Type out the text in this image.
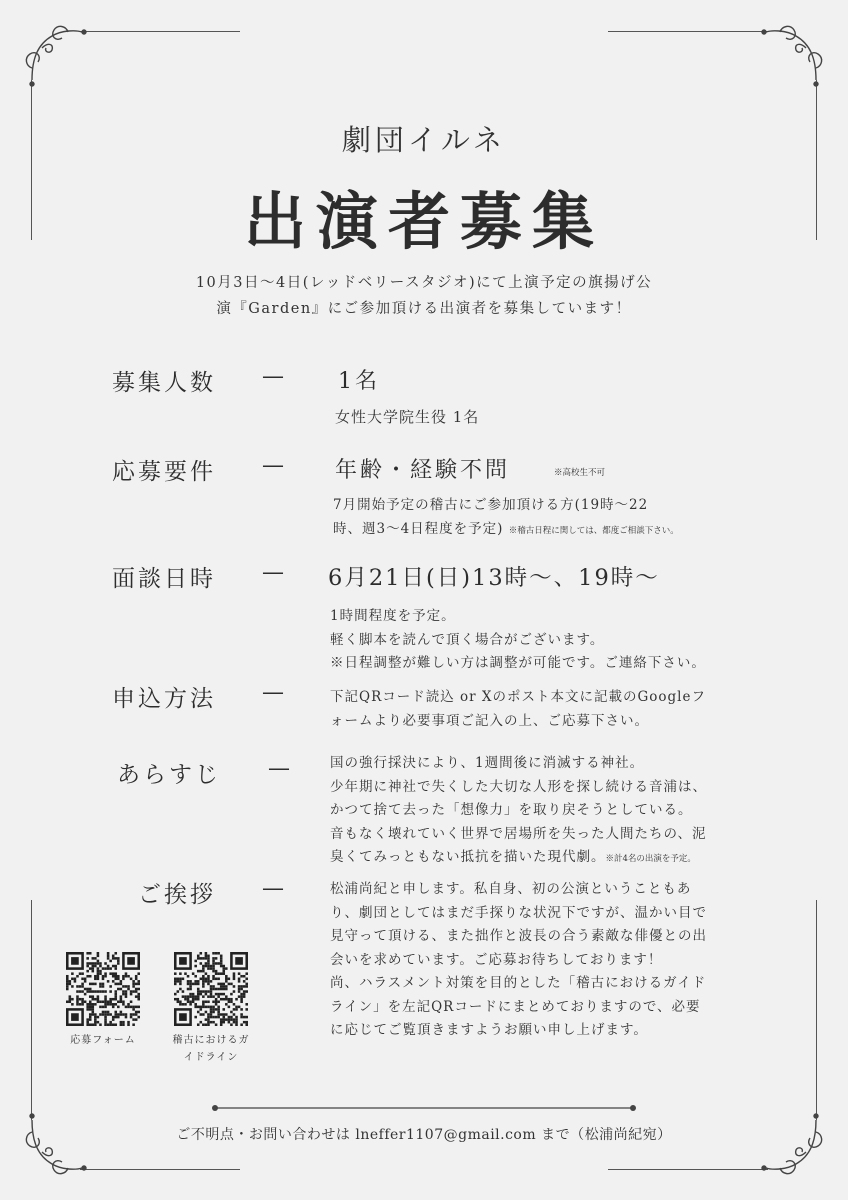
劇団イルネ
出演者募集
10月3日〜4日(レッドベリースタジオ)にて上演予定の旗揚げ公
演『Garden』にご参加頂ける出演者を募集しています！
募集人数 — 1名
女性大学院生役 1名
応募要件 — 年齢・経験不問	※高校生不可
7月開始予定の稽古にご参加頂ける方(19時〜22
時、週3〜4日程度を予定) ※稽古日程に関しては、都度ご相談下さい。
面談日時 — 6月21日(日)13時〜、19時〜
1時間程度を予定。
軽く脚本を読んで頂く場合がございます。
※日程調整が難しい方は調整が可能です。ご連絡下さい。
申込方法 —	下記QRコード読込 or Xのポスト本文に記載のGoogleフ
ォームより必要事項ご記入の上、ご応募下さい。
あらすじ —	国の強行採決により、1週間後に消滅する神社。
少年期に神社で失くした大切な人形を探し続ける音浦は、
かつて捨て去った「想像力」を取り戻そうとしている。
音もなく壊れていく世界で居場所を失った人間たちの、泥
臭くてみっともない抵抗を描いた現代劇。※計4名の出演を予定。
ご挨拶 —	松浦尚紀と申します。私自身、初の公演ということもあ
り、劇団としてはまだ手探りな状況下ですが、温かい目で
見守って頂ける、また拙作と波長の合う素敵な俳優との出
会いを求めています。ご応募お待ちしております！
尚、ハラスメント対策を目的とした「稽古におけるガイド
ライン」を左記QRコードにまとめておりますので、必要
に応じてご覧頂きますようお願い申し上げます。
応募フォーム	稽古におけるガ
イドライン
ご不明点・お問い合わせは lneffer1107@gmail.com まで（松浦尚紀宛）
